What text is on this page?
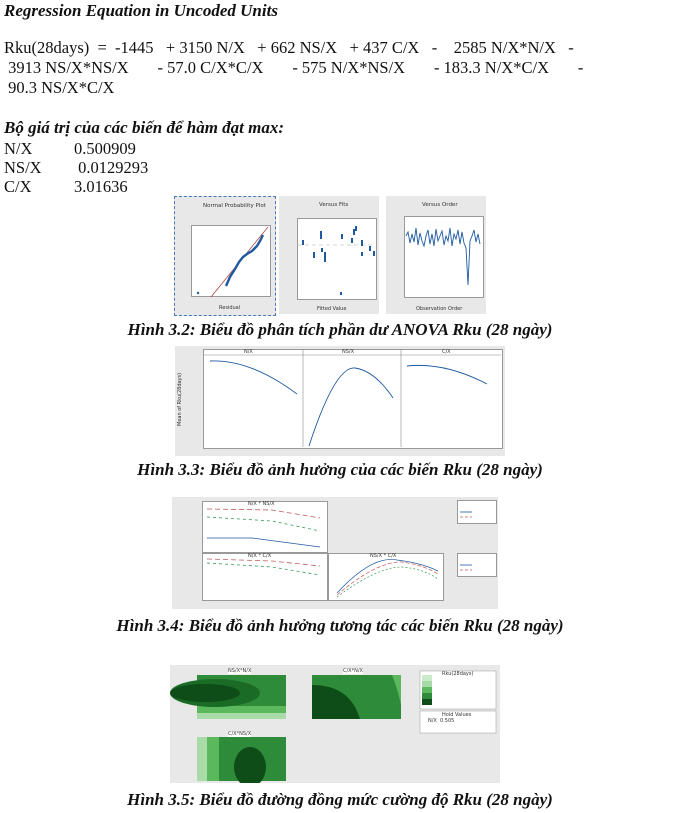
Regression Equation in Uncoded Units
Rku(28days)  =  -1445   + 3150 N/X   + 662 NS/X   + 437 C/X   -    2585 N/X*N/X   -
3913 NS/X*NS/X       - 57.0 C/X*C/X       - 575 N/X*NS/X       - 183.3 N/X*C/X       -
90.3 NS/X*C/X
Bộ giá trị của các biến để hàm đạt max:
N/X	0.500909
NS/X	0.0129293
C/X	3.01636
Normal Probability Plot
Residual
Versus Fits
Fitted Value
Versus Order
Observation Order
Hình 3.2: Biểu đồ phân tích phần dư ANOVA Rku (28 ngày)
N/X	NS/X	C/X
Mean of Rku(28days)
Hình 3.3: Biểu đồ ảnh hưởng của các biến Rku (28 ngày)
N/X * NS/X
N/X * C/X	NS/X * C/X
Hình 3.4: Biểu đồ ảnh hưởng tương tác các biến Rku (28 ngày)
NS/X*N/X	C/X*N/X
C/X*NS/X
Rku(28days)
Hold Values
N/X  0.505
Hình 3.5: Biểu đồ đường đồng mức cường độ Rku (28 ngày)
